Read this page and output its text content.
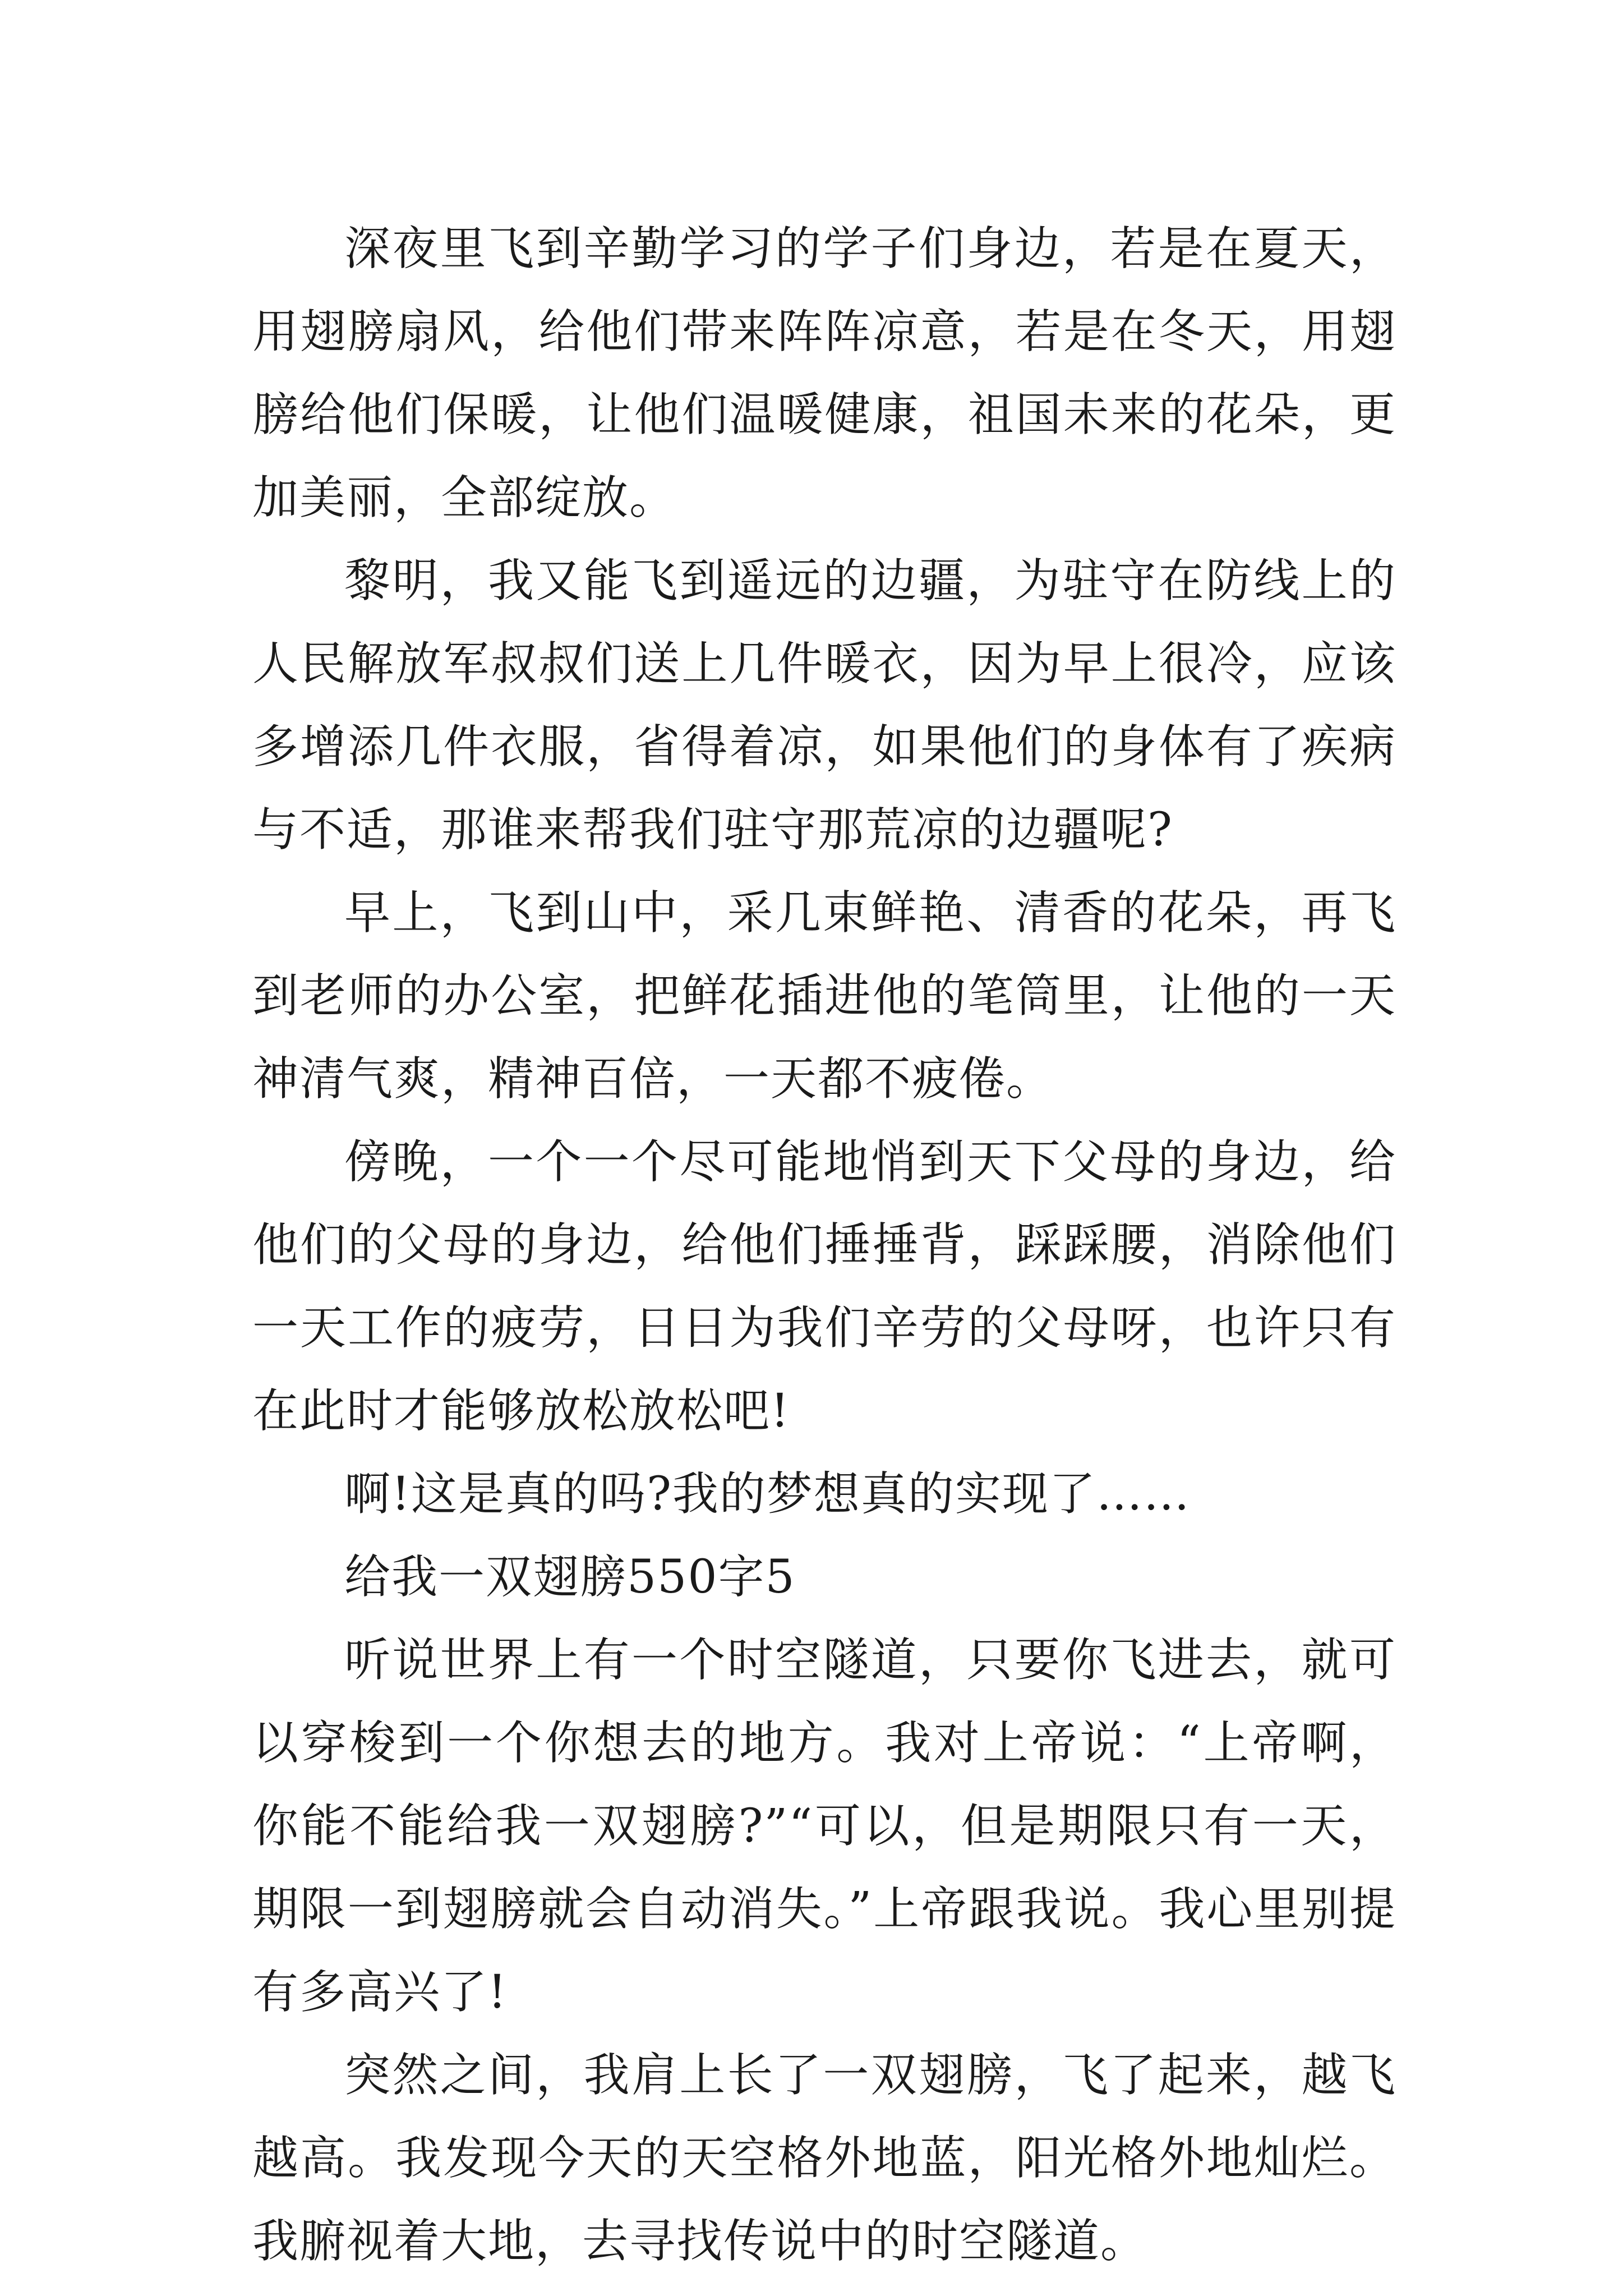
深夜里飞到辛勤学习的学子们身边，若是在夏天，用翅膀扇风，给他们带来阵阵凉意，若是在冬天，用翅膀给他们保暖，让他们温暖健康，祖国未来的花朵，更加美丽，全部绽放。

黎明，我又能飞到遥远的边疆，为驻守在防线上的人民解放军叔叔们送上几件暖衣，因为早上很冷，应该多增添几件衣服，省得着凉，如果他们的身体有了疾病与不适，那谁来帮我们驻守那荒凉的边疆呢?

早上，飞到山中，采几束鲜艳、清香的花朵，再飞到老师的办公室，把鲜花插进他的笔筒里，让他的一天神清气爽，精神百倍，一天都不疲倦。

傍晚，一个一个尽可能地悄到天下父母的身边，给他们的父母的身边，给他们捶捶背，踩踩腰，消除他们一天工作的疲劳，日日为我们辛劳的父母呀，也许只有在此时才能够放松放松吧!

啊!这是真的吗?我的梦想真的实现了……

给我一双翅膀550字5

听说世界上有一个时空隧道，只要你飞进去，就可以穿梭到一个你想去的地方。我对上帝说：“上帝啊，你能不能给我一双翅膀?”“可以，但是期限只有一天，期限一到翅膀就会自动消失。”上帝跟我说。我心里别提有多高兴了!

突然之间，我肩上长了一双翅膀，飞了起来，越飞越高。我发现今天的天空格外地蓝，阳光格外地灿烂。我腑视着大地，去寻找传说中的时空隧道。
